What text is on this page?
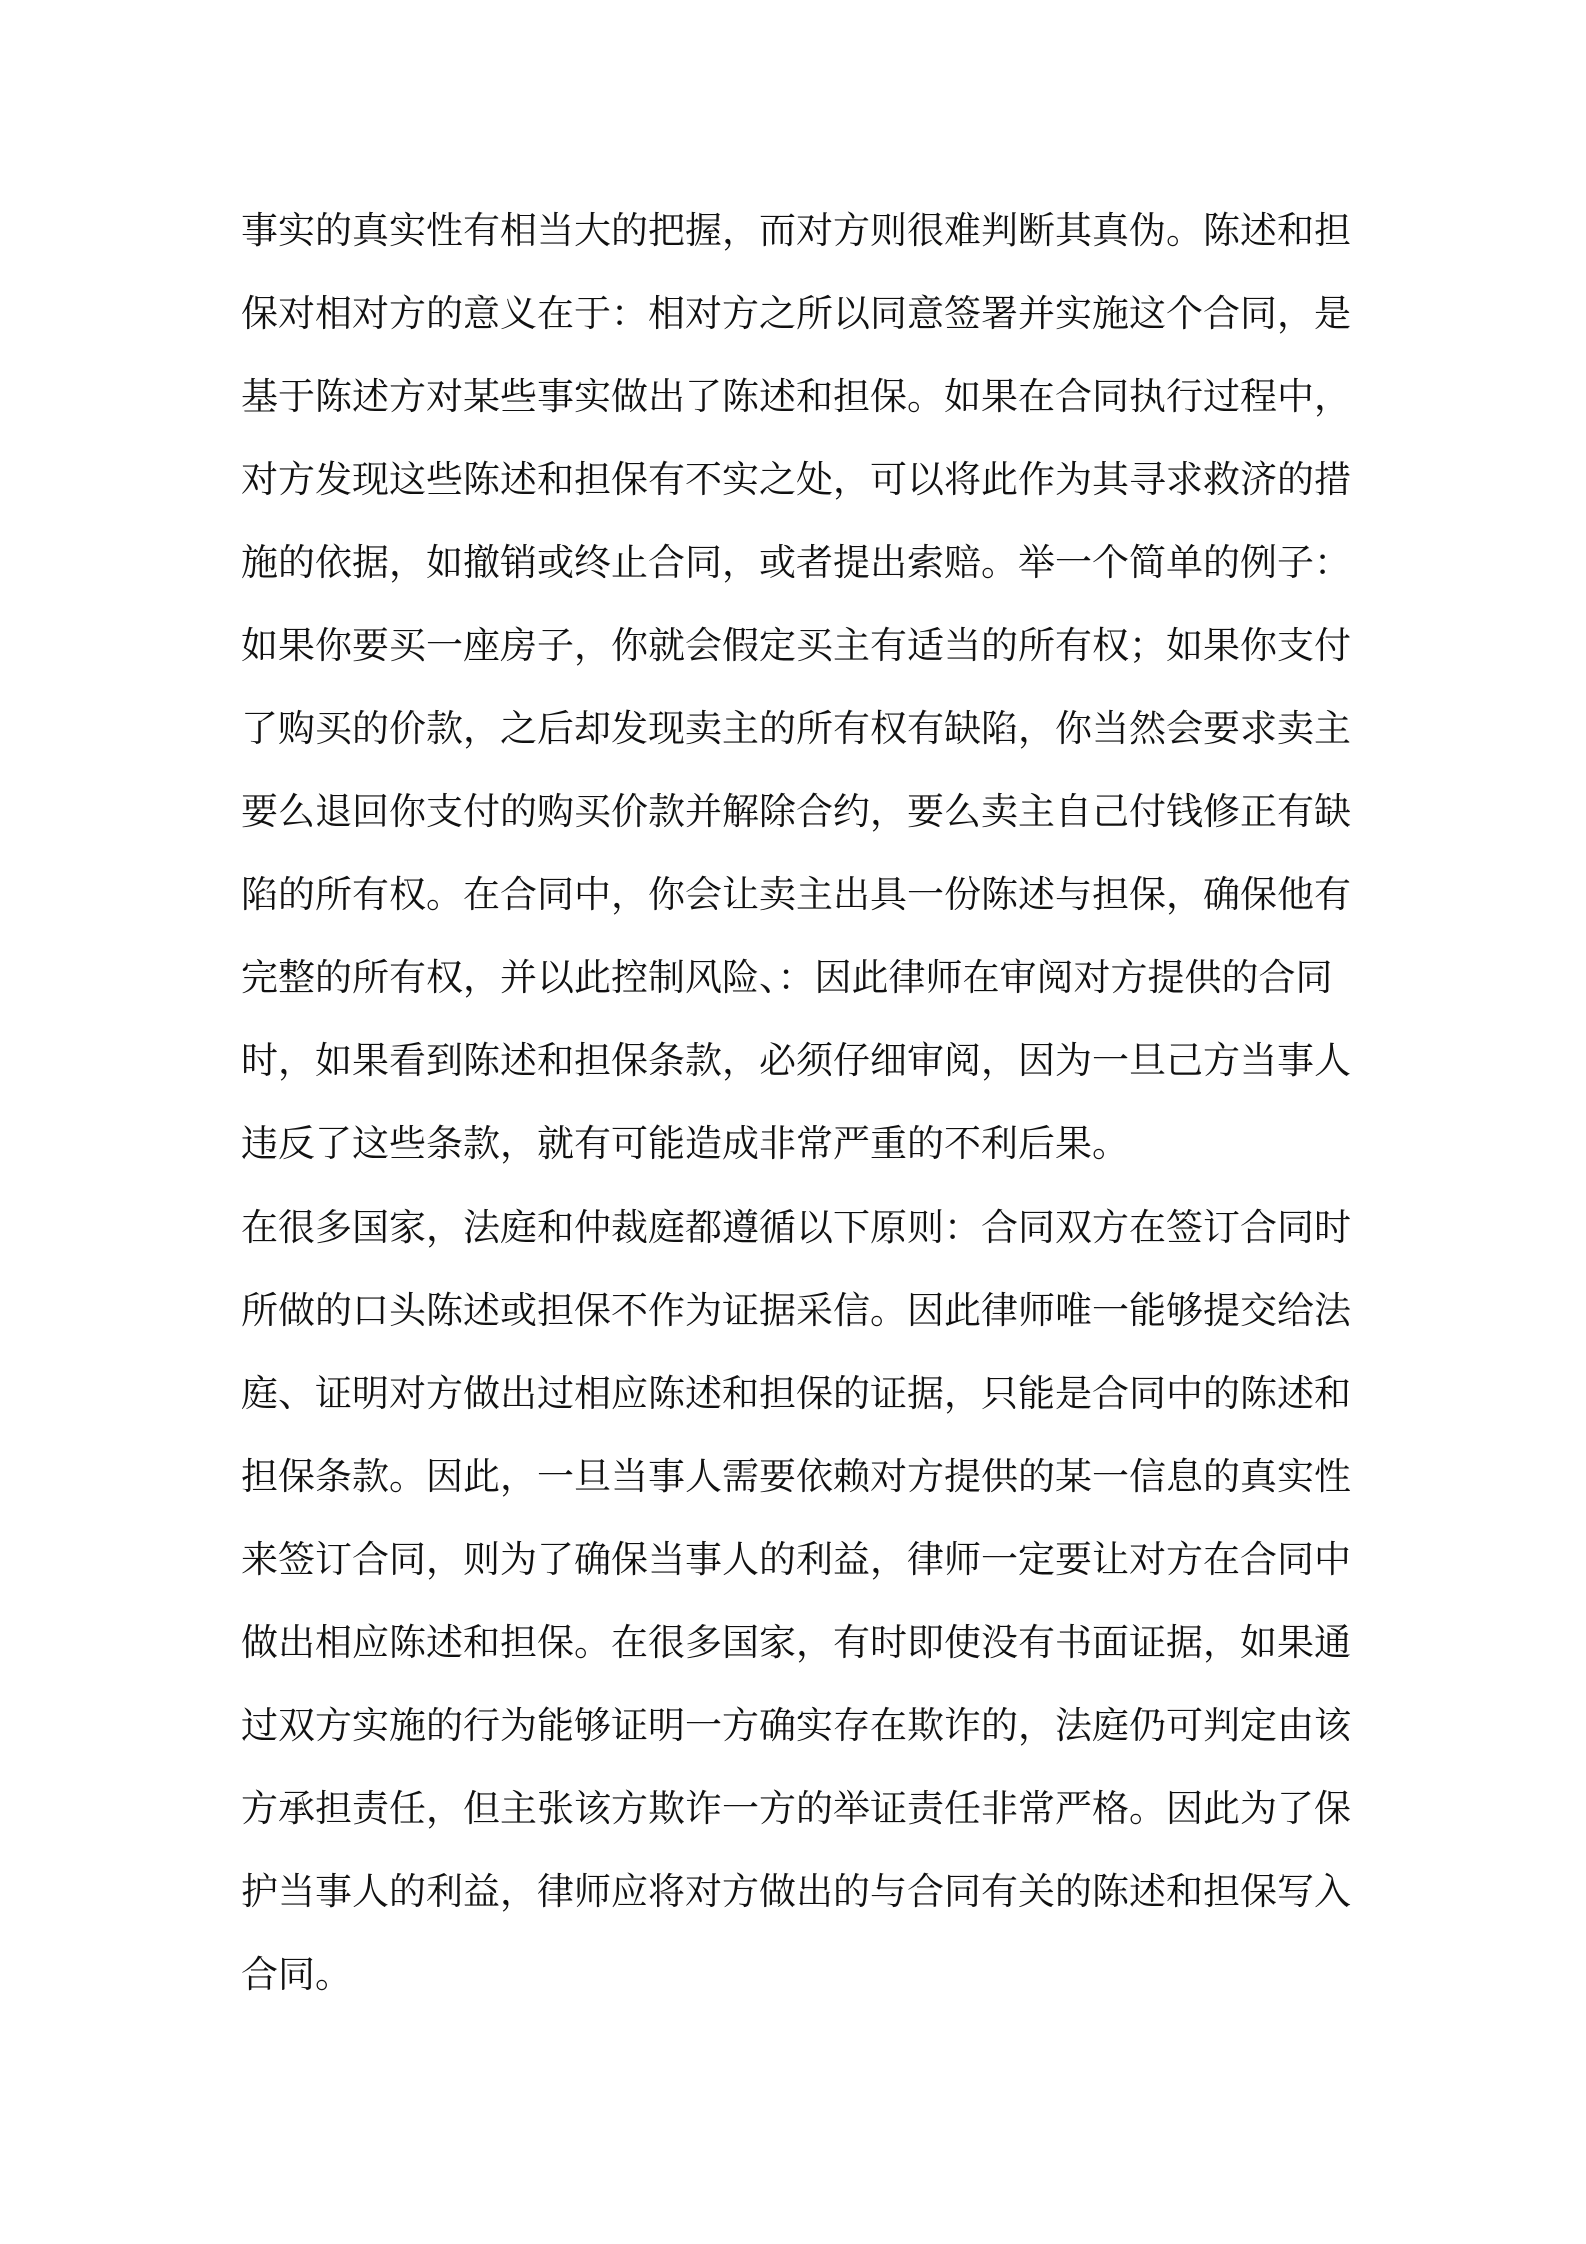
事实的真实性有相当大的把握，而对方则很难判断其真伪。陈述和担
保对相对方的意义在于：相对方之所以同意签署并实施这个合同，是
基于陈述方对某些事实做出了陈述和担保。如果在合同执行过程中，
对方发现这些陈述和担保有不实之处，可以将此作为其寻求救济的措
施的依据，如撤销或终止合同，或者提出索赔。举一个简单的例子：
如果你要买一座房子，你就会假定买主有适当的所有权；如果你支付
了购买的价款，之后却发现卖主的所有权有缺陷，你当然会要求卖主
要么退回你支付的购买价款并解除合约，要么卖主自己付钱修正有缺
陷的所有权。在合同中，你会让卖主出具一份陈述与担保，确保他有
完整的所有权，并以此控制风险、：因此律师在审阅对方提供的合同
时，如果看到陈述和担保条款，必须仔细审阅，因为一旦己方当事人
违反了这些条款，就有可能造成非常严重的不利后果。
在很多国家，法庭和仲裁庭都遵循以下原则：合同双方在签订合同时
所做的口头陈述或担保不作为证据采信。因此律师唯一能够提交给法
庭、证明对方做出过相应陈述和担保的证据，只能是合同中的陈述和
担保条款。因此，一旦当事人需要依赖对方提供的某一信息的真实性
来签订合同，则为了确保当事人的利益，律师一定要让对方在合同中
做出相应陈述和担保。在很多国家，有时即使没有书面证据，如果通
过双方实施的行为能够证明一方确实存在欺诈的，法庭仍可判定由该
方承担责任，但主张该方欺诈一方的举证责任非常严格。因此为了保
护当事人的利益，律师应将对方做出的与合同有关的陈述和担保写入
合同。
